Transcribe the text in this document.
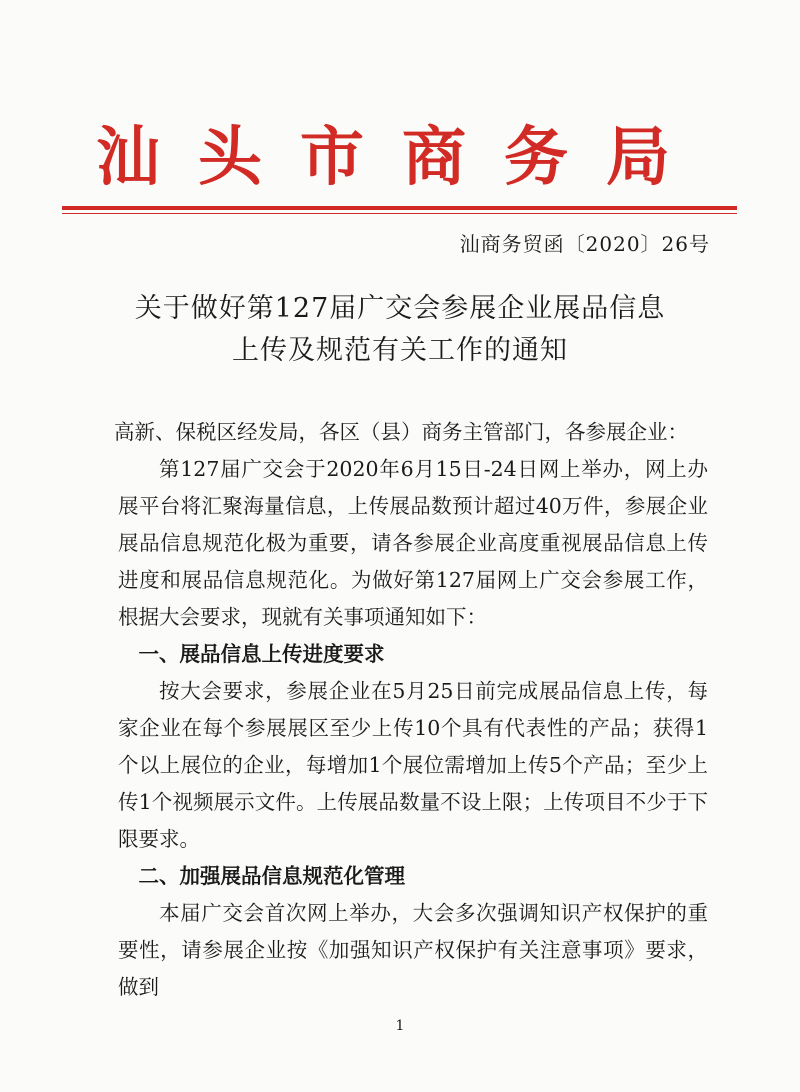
汕头市商务局
汕商务贸函〔2020〕26号
关于做好第127届广交会参展企业展品信息
上传及规范有关工作的通知

高新、保税区经发局，各区（县）商务主管部门，各参展企业：

第127届广交会于2020年6月15日-24日网上举办，网上办展平台将汇聚海量信息，上传展品数预计超过40万件，参展企业展品信息规范化极为重要，请各参展企业高度重视展品信息上传进度和展品信息规范化。为做好第127届网上广交会参展工作，根据大会要求，现就有关事项通知如下：

一、展品信息上传进度要求

按大会要求，参展企业在5月25日前完成展品信息上传，每家企业在每个参展展区至少上传10个具有代表性的产品；获得1个以上展位的企业，每增加1个展位需增加上传5个产品；至少上传1个视频展示文件。上传展品数量不设上限；上传项目不少于下限要求。

二、加强展品信息规范化管理

本届广交会首次网上举办，大会多次强调知识产权保护的重要性，请参展企业按《加强知识产权保护有关注意事项》要求，做到

1
